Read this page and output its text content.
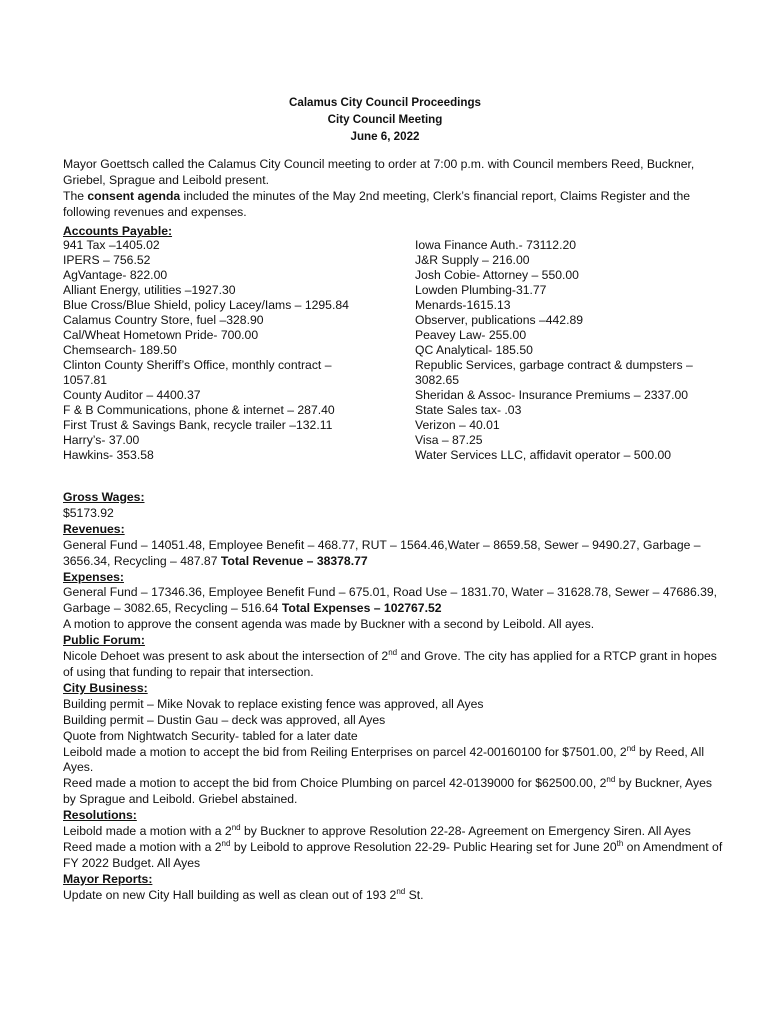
Calamus City Council Proceedings
City Council Meeting
June 6, 2022
Mayor Goettsch called the Calamus City Council meeting to order at 7:00 p.m. with Council members Reed, Buckner, Griebel, Sprague and Leibold present.
The consent agenda included the minutes of the May 2nd meeting, Clerk’s financial report, Claims Register and the following revenues and expenses.
Accounts Payable:
941 Tax –1405.02
IPERS – 756.52
AgVantage- 822.00
Alliant Energy, utilities –1927.30
Blue Cross/Blue Shield, policy Lacey/Iams – 1295.84
Calamus Country Store, fuel –328.90
Cal/Wheat Hometown Pride- 700.00
Chemsearch- 189.50
Clinton County Sheriff’s Office, monthly contract –
1057.81
County Auditor – 4400.37
F & B Communications, phone & internet – 287.40
First Trust & Savings Bank, recycle trailer –132.11
Harry’s- 37.00
Hawkins- 353.58
Iowa Finance Auth.- 73112.20
J&R Supply – 216.00
Josh Cobie- Attorney – 550.00
Lowden Plumbing-31.77
Menards-1615.13
Observer, publications –442.89
Peavey Law- 255.00
QC Analytical- 185.50
Republic Services, garbage contract & dumpsters –
3082.65
Sheridan & Assoc- Insurance Premiums – 2337.00
State Sales tax- .03
Verizon – 40.01
Visa – 87.25
Water Services LLC, affidavit operator – 500.00
Gross Wages:
$5173.92
Revenues:
General Fund – 14051.48, Employee Benefit – 468.77, RUT – 1564.46,Water – 8659.58, Sewer – 9490.27, Garbage – 3656.34, Recycling – 487.87 Total Revenue – 38378.77
Expenses:
General Fund – 17346.36, Employee Benefit Fund – 675.01, Road Use – 1831.70, Water – 31628.78, Sewer – 47686.39, Garbage – 3082.65, Recycling – 516.64 Total Expenses – 102767.52
A motion to approve the consent agenda was made by Buckner with a second by Leibold. All ayes.
Public Forum:
Nicole Dehoet was present to ask about the intersection of 2nd and Grove. The city has applied for a RTCP grant in hopes of using that funding to repair that intersection.
City Business:
Building permit – Mike Novak to replace existing fence was approved, all Ayes
Building permit – Dustin Gau – deck was approved, all Ayes
Quote from Nightwatch Security- tabled for a later date
Leibold made a motion to accept the bid from Reiling Enterprises on parcel 42-00160100 for $7501.00, 2nd by Reed, All Ayes.
Reed made a motion to accept the bid from Choice Plumbing on parcel 42-0139000 for $62500.00, 2nd by Buckner, Ayes by Sprague and Leibold. Griebel abstained.
Resolutions:
Leibold made a motion with a 2nd by Buckner to approve Resolution 22-28- Agreement on Emergency Siren. All Ayes
Reed made a motion with a 2nd by Leibold to approve Resolution 22-29- Public Hearing set for June 20th on Amendment of FY 2022 Budget. All Ayes
Mayor Reports:
Update on new City Hall building as well as clean out of 193 2nd St.
